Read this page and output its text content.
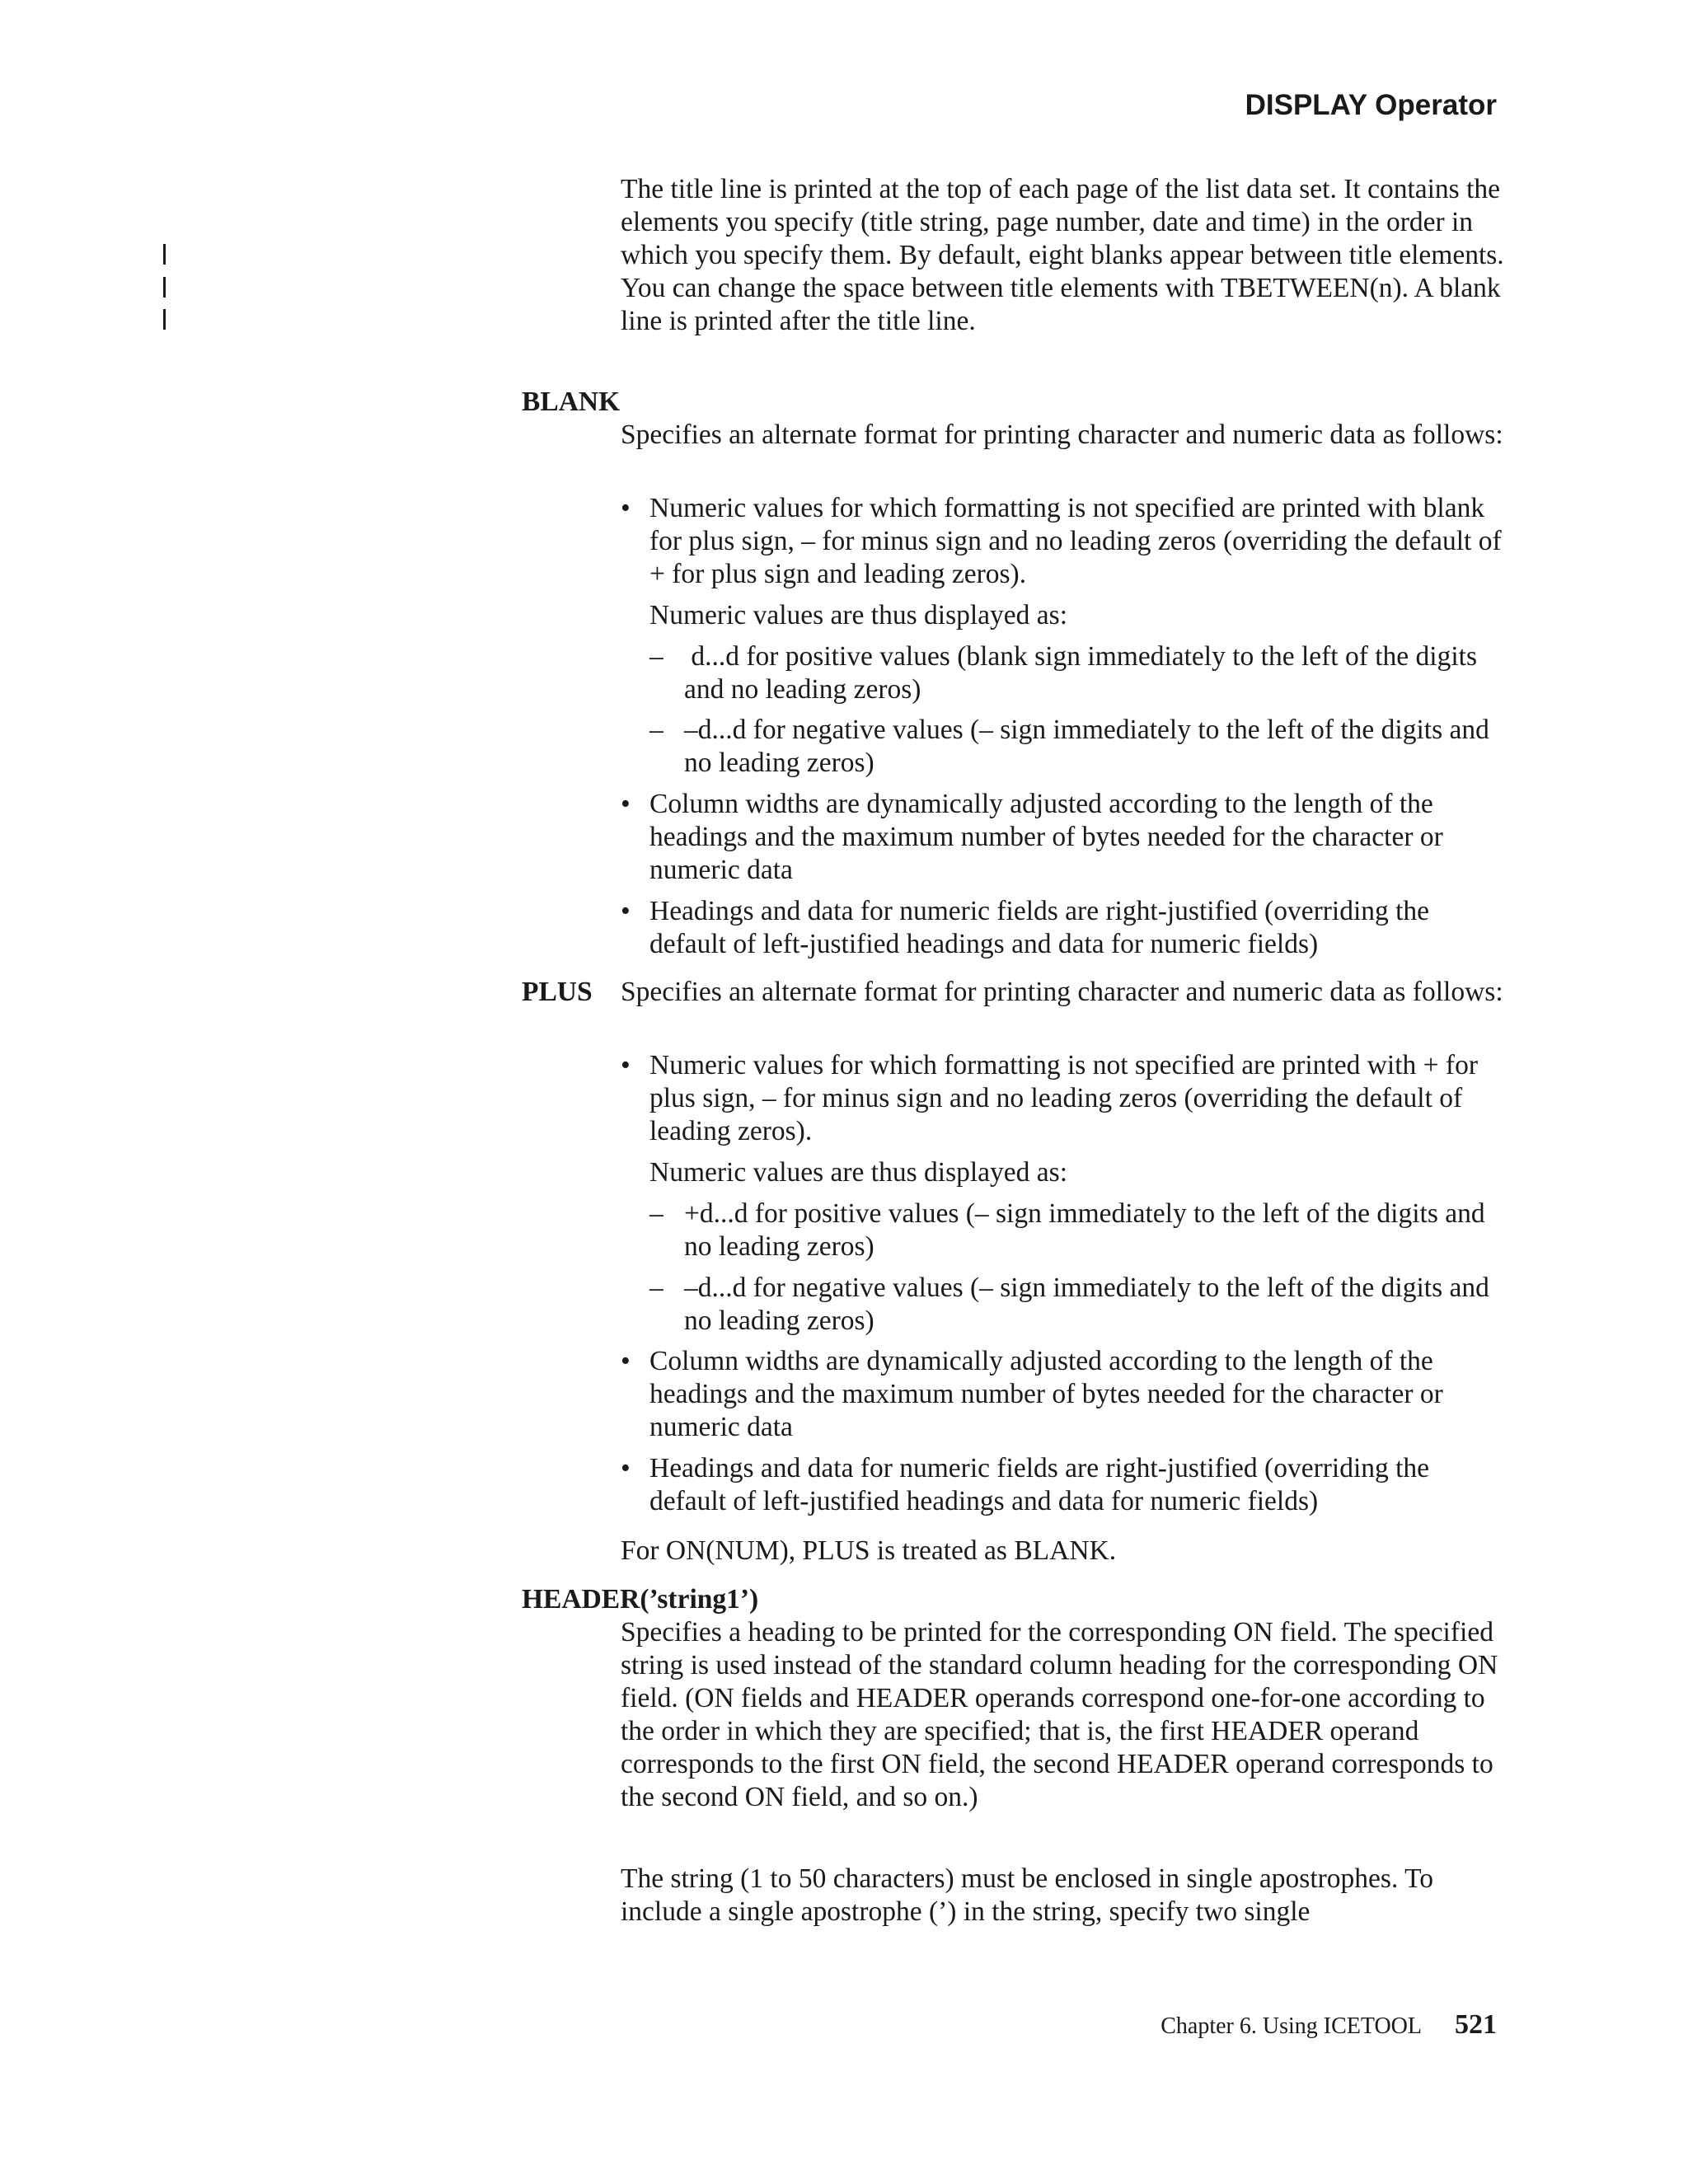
DISPLAY Operator

The title line is printed at the top of each page of the list data set. It contains the elements you specify (title string, page number, date and time) in the order in which you specify them. By default, eight blanks appear between title elements. You can change the space between title elements with TBETWEEN(n). A blank line is printed after the title line.

BLANK

Specifies an alternate format for printing character and numeric data as follows:

• Numeric values for which formatting is not specified are printed with blank for plus sign, – for minus sign and no leading zeros (overriding the default of + for plus sign and leading zeros).

Numeric values are thus displayed as:

– d...d for positive values (blank sign immediately to the left of the digits and no leading zeros)
– –d...d for negative values (– sign immediately to the left of the digits and no leading zeros)
• Column widths are dynamically adjusted according to the length of the headings and the maximum number of bytes needed for the character or numeric data
• Headings and data for numeric fields are right-justified (overriding the default of left-justified headings and data for numeric fields)
PLUS Specifies an alternate format for printing character and numeric data as follows:

• Numeric values for which formatting is not specified are printed with + for plus sign, – for minus sign and no leading zeros (overriding the default of leading zeros).

Numeric values are thus displayed as:

– +d...d for positive values (– sign immediately to the left of the digits and no leading zeros)
– –d...d for negative values (– sign immediately to the left of the digits and no leading zeros)
• Column widths are dynamically adjusted according to the length of the headings and the maximum number of bytes needed for the character or numeric data
• Headings and data for numeric fields are right-justified (overriding the default of left-justified headings and data for numeric fields)

For ON(NUM), PLUS is treated as BLANK.

HEADER(’string1’)

Specifies a heading to be printed for the corresponding ON field. The specified string is used instead of the standard column heading for the corresponding ON field. (ON fields and HEADER operands correspond one-for-one according to the order in which they are specified; that is, the first HEADER operand corresponds to the first ON field, the second HEADER operand corresponds to the second ON field, and so on.)

The string (1 to 50 characters) must be enclosed in single apostrophes. To include a single apostrophe (’) in the string, specify two single

Chapter 6. Using ICETOOL 521
